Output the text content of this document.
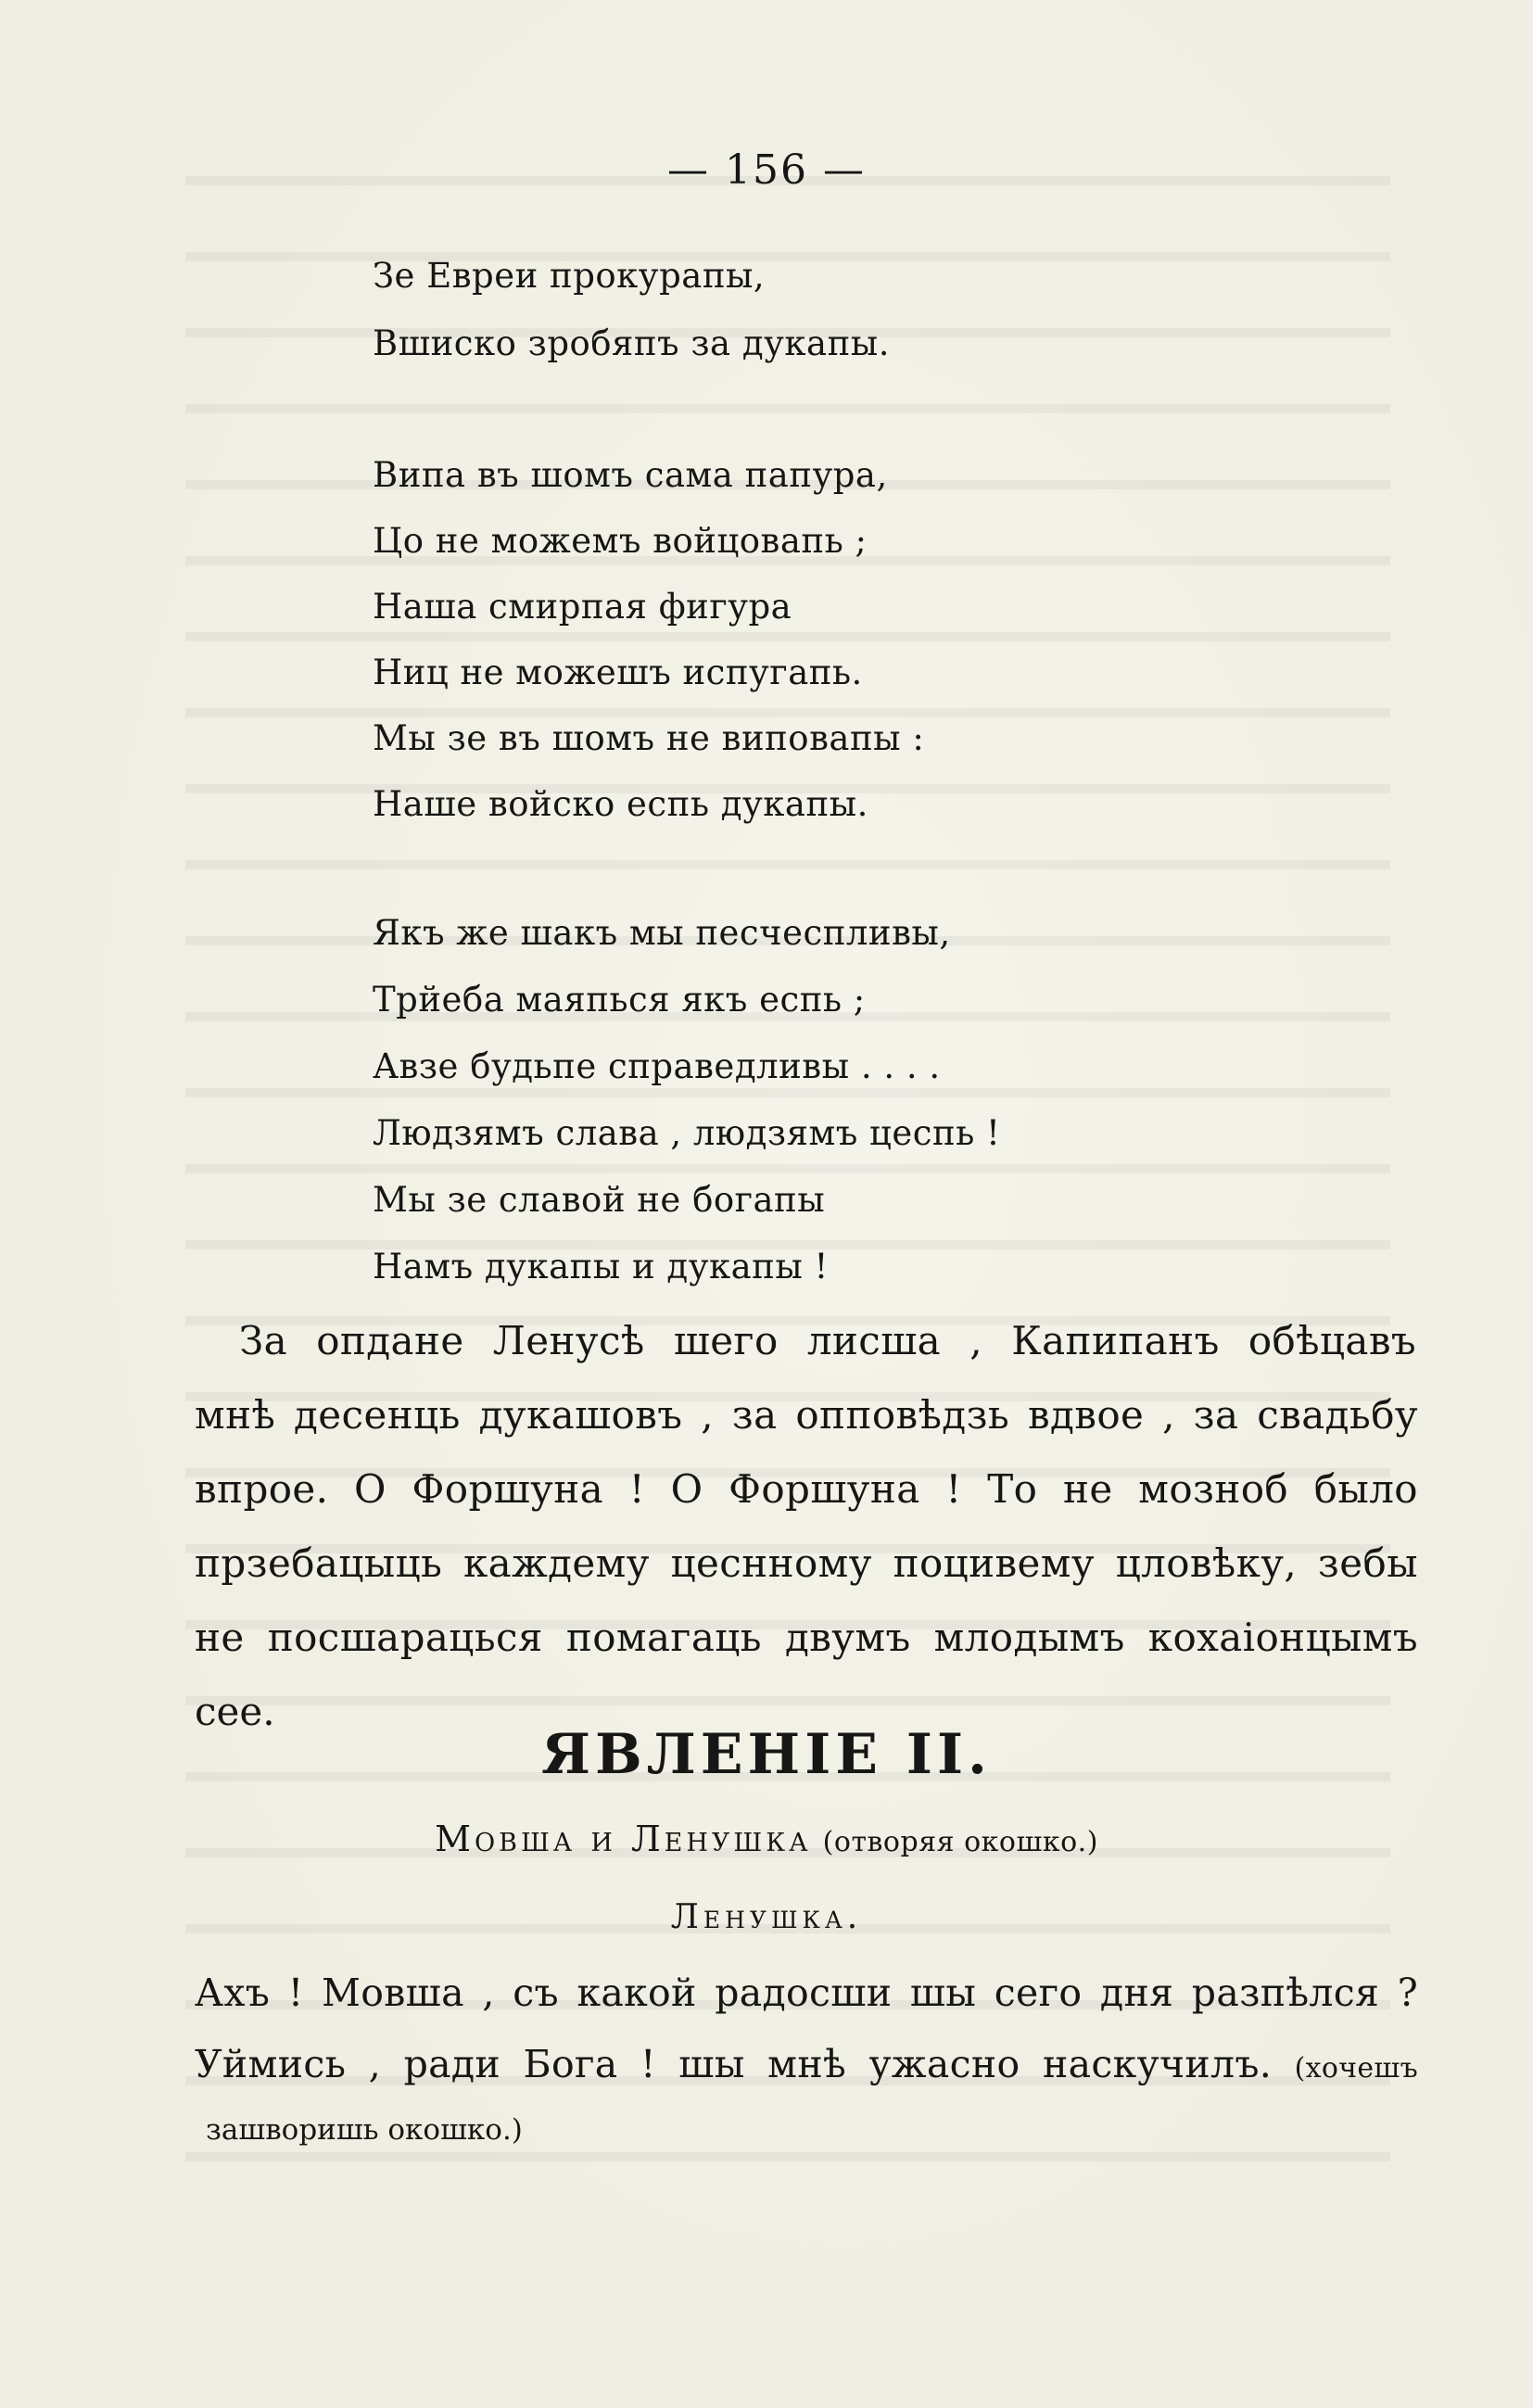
— 156 —
Зе Евреи прокурапы,
Вшиско зробяпъ за дукапы.
Випа въ шомъ сама папура,
Цо не можемъ войцовапь ;
Наша смирпая фигура
Ниц не можешъ испугапь.
Мы зе въ шомъ не виповапы :
Наше войско еспь дукапы.
Якъ же шакъ мы песчеспливы,
Трйеба маяпься якъ еспь ;
Авзе будьпе справедливы . . . .
Людзямъ слава , людзямъ цеспь !
Мы зе славой не богапы
Намъ дукапы и дукапы !
За опдане Ленусѣ шего лисша , Капипанъ обѣцавъ
мнѣ десенць дукашовъ , за опповѣдзь вдвое , за свадьбу
впрое. О Форшуна ! О Форшуна ! То не мозноб было
прзебацыць каждему цеснному поцивему цловѣку, зебы
не посшарацься помагаць двумъ млодымъ кохаiонцымъ
сее.
ЯВЛЕНIЕ II.
Мовша и Ленушка (отворяя окошко.)
Ленушка.
Ахъ ! Мовша , съ какой радосши шы сего дня разпѣлся ?
Уймись , ради Бога ! шы мнѣ ужасно наскучилъ. (хочешъ
зашворишь окошко.)
